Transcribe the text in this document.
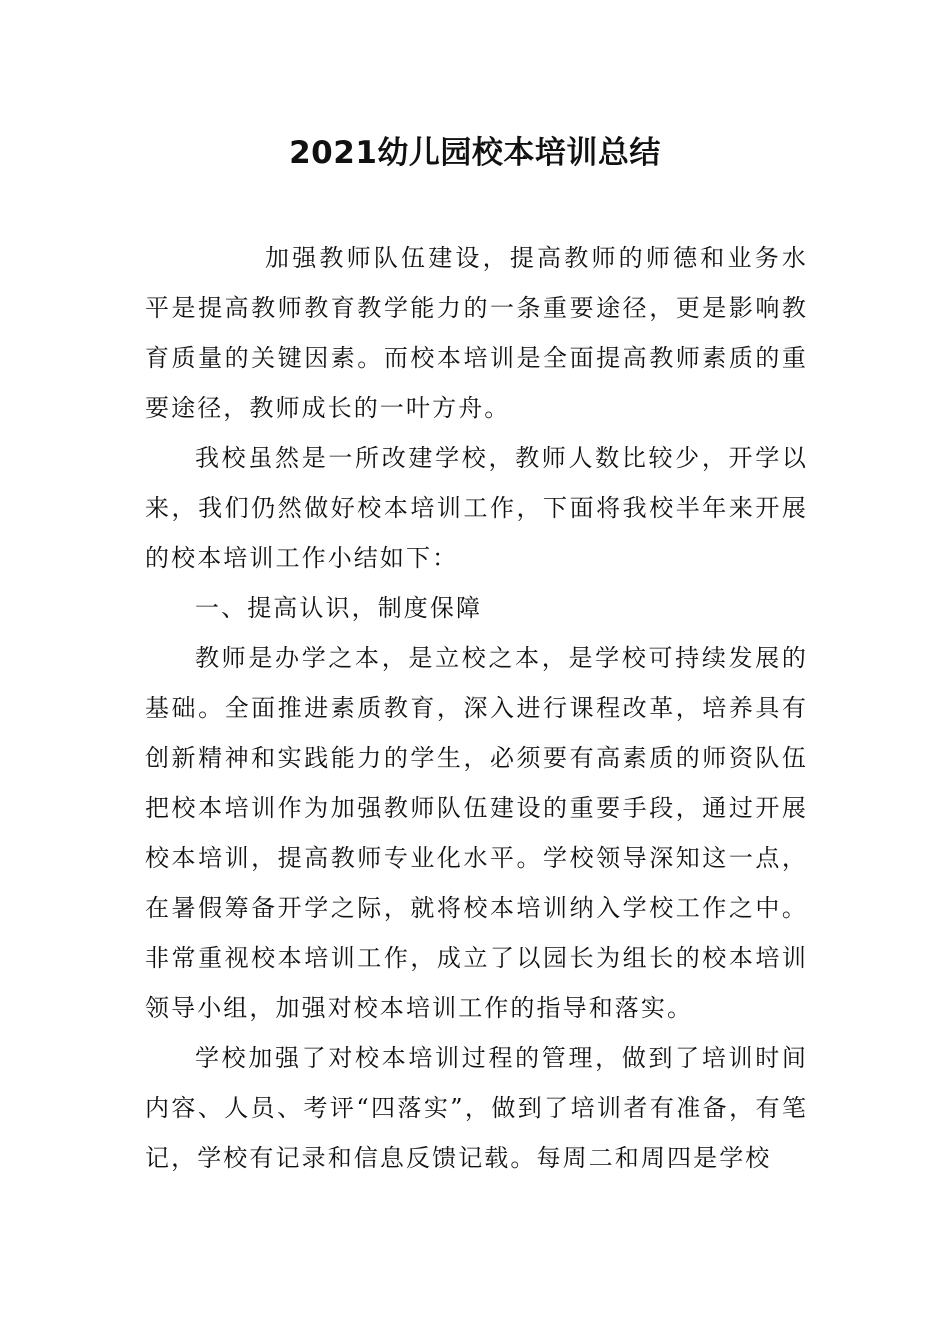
2021幼儿园校本培训总结

加强教师队伍建设，提高教师的师德和业务水平是提高教师教育教学能力的一条重要途径，更是影响教育质量的关键因素。而校本培训是全面提高教师素质的重要途径，教师成长的一叶方舟。

我校虽然是一所改建学校，教师人数比较少，开学以来，我们仍然做好校本培训工作，下面将我校半年来开展的校本培训工作小结如下：

一、提高认识，制度保障

教师是办学之本，是立校之本，是学校可持续发展的基础。全面推进素质教育，深入进行课程改革，培养具有创新精神和实践能力的学生，必须要有高素质的师资队伍把校本培训作为加强教师队伍建设的重要手段，通过开展校本培训，提高教师专业化水平。学校领导深知这一点，在暑假筹备开学之际，就将校本培训纳入学校工作之中。非常重视校本培训工作，成立了以园长为组长的校本培训领导小组，加强对校本培训工作的指导和落实。

学校加强了对校本培训过程的管理，做到了培训时间内容、人员、考评“四落实”，做到了培训者有准备，有笔记，学校有记录和信息反馈记载。每周二和周四是学校
